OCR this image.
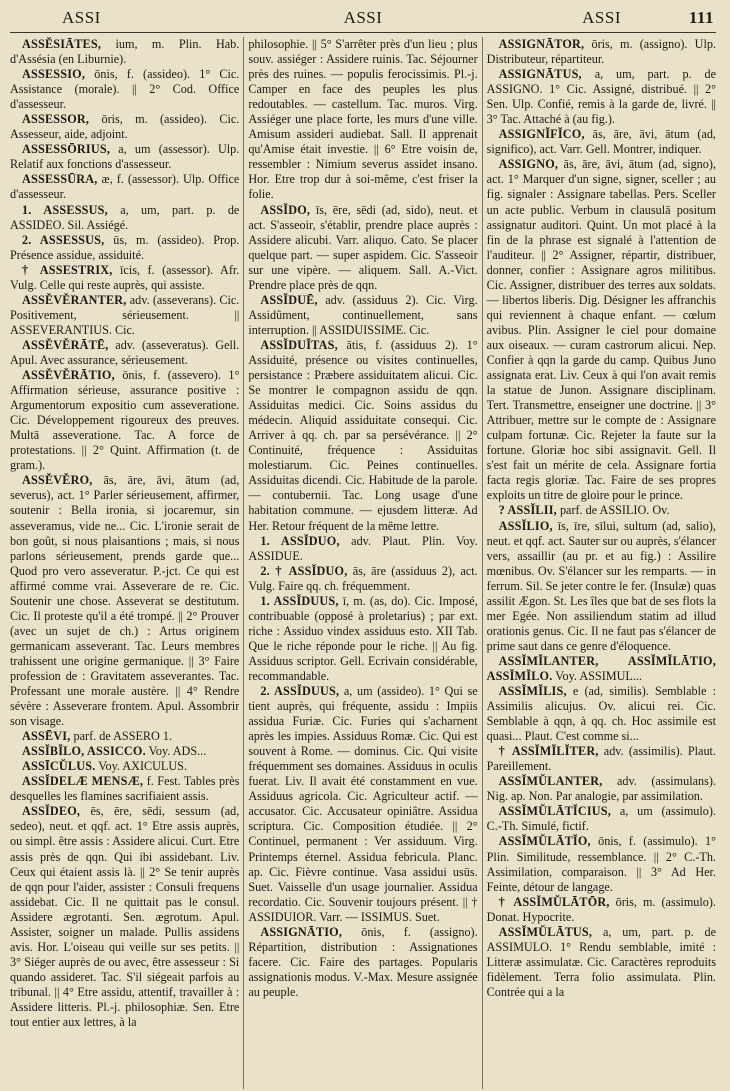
ASSI	ASSI	ASSI	111

ASSĔSIĀTES, ium, m. Plin. Hab. d'Assésia (en Liburnie).

ASSESSIO, ōnis, f. (assideo). 1° Cic. Assistance (morale). || 2° Cod. Office d'assesseur.

ASSESSOR, ōris, m. (assideo). Cic. Assesseur, aide, adjoint.

ASSESSŌRIUS, a, um (assessor). Ulp. Relatif aux fonctions d'assesseur.

ASSESSŪRA, æ, f. (assessor). Ulp. Office d'assesseur.

1. ASSESSUS, a, um, part. p. de ASSIDEO. Sil. Assiégé.

2. ASSESSUS, ūs, m. (assideo). Prop. Présence assidue, assiduité.

† ASSESTRIX, īcis, f. (assessor). Afr. Vulg. Celle qui reste auprès, qui assiste.

ASSĚVĚRANTER, adv. (asseverans). Cic. Positivement, sérieusement. || ASSEVERANTIUS. Cic.

ASSĚVĚRĀTĒ, adv. (asseveratus). Gell. Apul. Avec assurance, sérieusement.

ASSĚVĚRĀTIO, ōnis, f. (assevero). 1° Affirmation sérieuse, assurance positive : Argumentorum expositio cum asseveratione. Cic. Développement rigoureux des preuves. Multā asseveratione. Tac. A force de protestations. || 2° Quint. Affirmation (t. de gram.).

ASSĚVĚRO, ās, āre, āvi, ātum (ad, severus), act. 1° Parler sérieusement, affirmer, soutenir : Bella ironia, si jocaremur, sin asseveramus, vide ne... Cic. L'ironie serait de bon goût, si nous plaisantions ; mais, si nous parlons sérieusement, prends garde que... Quod pro vero asseveratur. P.-jct. Ce qui est affirmé comme vrai. Asseverare de re. Cic. Soutenir une chose. Asseverat se destitutum. Cic. Il proteste qu'il a été trompé. || 2° Prouver (avec un sujet de ch.) : Artus originem germanicam asseverant. Tac. Leurs membres trahissent une origine germanique. || 3° Faire profession de : Gravitatem asseverantes. Tac. Professant une morale austère. || 4° Rendre sévère : Asseverare frontem. Apul. Assombrir son visage.

ASSĒVI, parf. de ASSERO 1.

ASSĬBĬLO, ASSICCO. Voy. ADS...

ASSĪCŬLUS. Voy. AXICULUS.

ASSĬDELÆ MENSÆ, f. Fest. Tables près desquelles les flamines sacrifiaient assis.

ASSĬDEO, ēs, ēre, sēdi, sessum (ad, sedeo), neut. et qqf. act. 1° Etre assis auprès, ou simpl. être assis : Assidere alicui. Curt. Etre assis près de qqn. Qui ibi assidebant. Liv. Ceux qui étaient assis là. || 2° Se tenir auprès de qqn pour l'aider, assister : Consuli frequens assidebat. Cic. Il ne quittait pas le consul. Assidere ægrotanti. Sen. ægrotum. Apul. Assister, soigner un malade. Pullis assidens avis. Hor. L'oiseau qui veille sur ses petits. || 3° Siéger auprès de ou avec, être assesseur : Si quando assideret. Tac. S'il siégeait parfois au tribunal. || 4° Etre assidu, attentif, travailler à : Assidere litteris. Pl.-j. philosophiæ. Sen. Etre tout entier aux lettres, à la

philosophie. || 5° S'arrêter près d'un lieu ; plus souv. assiéger : Assidere ruinis. Tac. Séjourner près des ruines. — populis ferocissimis. Pl.-j. Camper en face des peuples les plus redoutables. — castellum. Tac. muros. Virg. Assiéger une place forte, les murs d'une ville. Amisum assideri audiebat. Sall. Il apprenait qu'Amise était investie. || 6° Etre voisin de, ressembler : Nimium severus assidet insano. Hor. Etre trop dur à soi-même, c'est friser la folie.

ASSĬDO, īs, ēre, sēdi (ad, sido), neut. et act. S'asseoir, s'établir, prendre place auprès : Assidere alicubi. Varr. aliquo. Cato. Se placer quelque part. — super aspidem. Cic. S'asseoir sur une vipère. — aliquem. Sall. A.-Vict. Prendre place près de qqn.

ASSĬDUĒ, adv. (assiduus 2). Cic. Virg. Assidûment, continuellement, sans interruption. || ASSIDUISSIME. Cic.

ASSĬDUĬTAS, ātis, f. (assiduus 2). 1° Assiduité, présence ou visites continuelles, persistance : Præbere assiduitatem alicui. Cic. Se montrer le compagnon assidu de qqn. Assiduitas medici. Cic. Soins assidus du médecin. Aliquid assiduitate consequi. Cic. Arriver à qq. ch. par sa persévérance. || 2° Continuité, fréquence : Assiduitas molestiarum. Cic. Peines continuelles. Assiduitas dicendi. Cic. Habitude de la parole. — contubernii. Tac. Long usage d'une habitation commune. — ejusdem litteræ. Ad Her. Retour fréquent de la même lettre.

1. ASSĬDUO, adv. Plaut. Plin. Voy. ASSIDUE.

2. † ASSĬDUO, ās, āre (assiduus 2), act. Vulg. Faire qq. ch. fréquemment.

1. ASSĬDUUS, ī, m. (as, do). Cic. Imposé, contribuable (opposé à proletarius) ; par ext. riche : Assiduo vindex assiduus esto. XII Tab. Que le riche réponde pour le riche. || Au fig. Assiduus scriptor. Gell. Ecrivain considérable, recommandable.

2. ASSĬDUUS, a, um (assideo). 1° Qui se tient auprès, qui fréquente, assidu : Impiis assidua Furiæ. Cic. Furies qui s'acharnent après les impies. Assiduus Romæ. Cic. Qui est souvent à Rome. — dominus. Cic. Qui visite fréquemment ses domaines. Assiduus in oculis fuerat. Liv. Il avait été constamment en vue. Assiduus agricola. Cic. Agriculteur actif. — accusator. Cic. Accusateur opiniâtre. Assidua scriptura. Cic. Composition étudiée. || 2° Continuel, permanent : Ver assiduum. Virg. Printemps éternel. Assidua febricula. Planc. ap. Cic. Fièvre continue. Vasa assidui usūs. Suet. Vaisselle d'un usage journalier. Assidua recordatio. Cic. Souvenir toujours présent. || † ASSIDUIOR. Varr. — ISSIMUS. Suet.

ASSIGNĀTIO, ōnis, f. (assigno). Répartition, distribution : Assignationes facere. Cic. Faire des partages. Popularis assignationis modus. V.-Max. Mesure assignée au peuple.

ASSIGNĀTOR, ōris, m. (assigno). Ulp. Distributeur, répartiteur.

ASSIGNĀTUS, a, um, part. p. de ASSIGNO. 1° Cic. Assigné, distribué. || 2° Sen. Ulp. Confié, remis à la garde de, livré. || 3° Tac. Attaché à (au fig.).

ASSIGNĬFĬCO, ās, āre, āvi, ātum (ad, significo), act. Varr. Gell. Montrer, indiquer.

ASSIGNO, ās, āre, āvi, ātum (ad, signo), act. 1° Marquer d'un signe, signer, sceller ; au fig. signaler : Assignare tabellas. Pers. Sceller un acte public. Verbum in clausulā positum assignatur auditori. Quint. Un mot placé à la fin de la phrase est signalé à l'attention de l'auditeur. || 2° Assigner, répartir, distribuer, donner, confier : Assignare agros militibus. Cic. Assigner, distribuer des terres aux soldats. — libertos liberis. Dig. Désigner les affranchis qui reviennent à chaque enfant. — cœlum avibus. Plin. Assigner le ciel pour domaine aux oiseaux. — curam castrorum alicui. Nep. Confier à qqn la garde du camp. Quibus Juno assignata erat. Liv. Ceux à qui l'on avait remis la statue de Junon. Assignare disciplinam. Tert. Transmettre, enseigner une doctrine. || 3° Attribuer, mettre sur le compte de : Assignare culpam fortunæ. Cic. Rejeter la faute sur la fortune. Gloriæ hoc sibi assignavit. Gell. Il s'est fait un mérite de cela. Assignare fortia facta regis gloriæ. Tac. Faire de ses propres exploits un titre de gloire pour le prince.

? ASSĬLII, parf. de ASSILIO. Ov.

ASSĬLIO, īs, īre, sīlui, sultum (ad, salio), neut. et qqf. act. Sauter sur ou auprès, s'élancer vers, assaillir (au pr. et au fig.) : Assilire mœnibus. Ov. S'élancer sur les remparts. — in ferrum. Sil. Se jeter contre le fer. (Insulæ) quas assilit Ægon. St. Les îles que bat de ses flots la mer Egée. Non assiliendum statim ad illud orationis genus. Cic. Il ne faut pas s'élancer de prime saut dans ce genre d'éloquence.

ASSĬMĬLANTER, ASSĬMĬLĀTIO, ASSĬMĬLO. Voy. ASSIMUL...

ASSĬMĬLIS, e (ad, similis). Semblable : Assimilis alicujus. Ov. alicui rei. Cic. Semblable à qqn, à qq. ch. Hoc assimile est quasi... Plaut. C'est comme si...

† ASSĬMĬLĬTER, adv. (assimilis). Plaut. Pareillement.

ASSĬMŬLANTER, adv. (assimulans). Nig. ap. Non. Par analogie, par assimilation.

ASSĬMŬLĀTĬCIUS, a, um (assimulo). C.-Th. Simulé, fictif.

ASSĬMŬLĀTĬO, ōnis, f. (assimulo). 1° Plin. Similitude, ressemblance. || 2° C.-Th. Assimilation, comparaison. || 3° Ad Her. Feinte, détour de langage.

† ASSĬMŬLĀTŌR, ōris, m. (assimulo). Donat. Hypocrite.

ASSĬMŬLĀTUS, a, um, part. p. de ASSIMULO. 1° Rendu semblable, imité : Litteræ assimulatæ. Cic. Caractères reproduits fidèlement. Terra folio assimulata. Plin. Contrée qui a la
